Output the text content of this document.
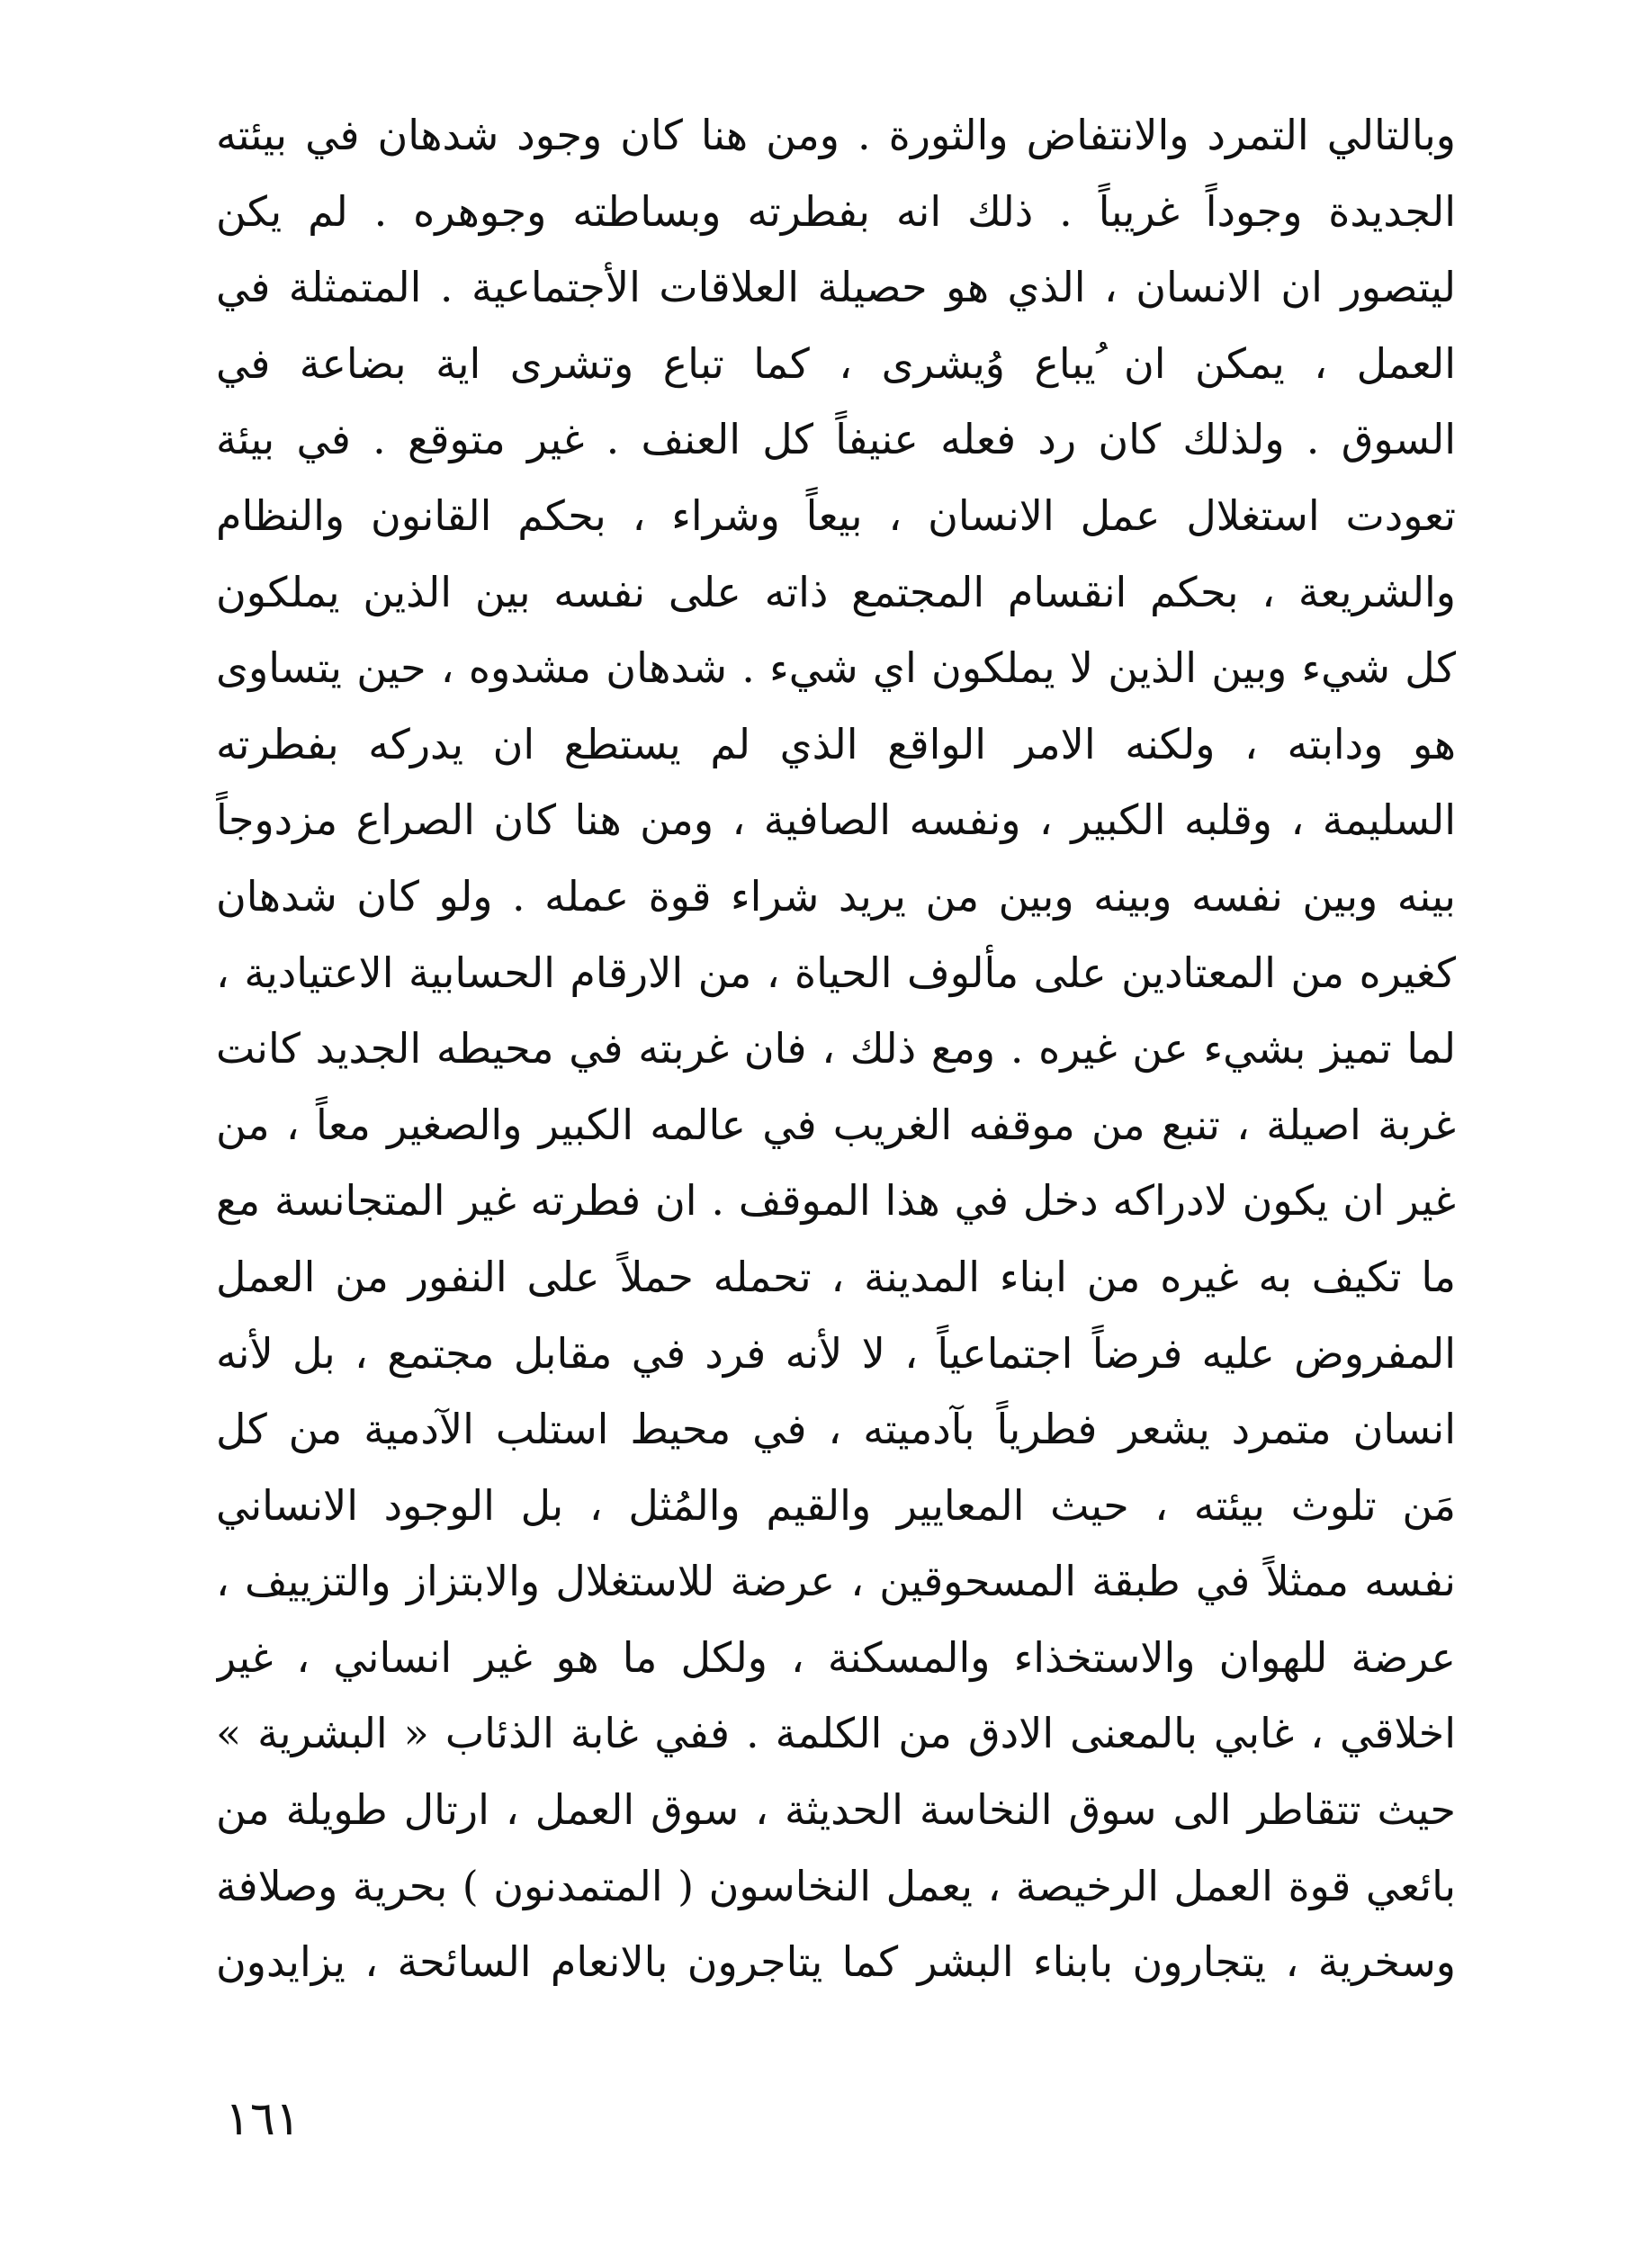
وبالتالي التمرد والانتفاض والثورة . ومن هنا كان وجود شدهان في بيئته
الجديدة وجوداً غريباً . ذلك انه بفطرته وبساطته وجوهره . لم يكن
ليتصور ان الانسان ، الذي هو حصيلة العلاقات الأجتماعية . المتمثلة في
العمل ، يمكن ان ُيباع وُيشرى ، كما تباع وتشرى اية بضاعة في
السوق . ولذلك كان رد فعله عنيفاً كل العنف . غير متوقع . في بيئة
تعودت استغلال عمل الانسان ، بيعاً وشراء ، بحكم القانون والنظام
والشريعة ، بحكم انقسام المجتمع ذاته على نفسه بين الذين يملكون
كل شيء وبين الذين لا يملكون اي شيء . شدهان مشدوه ، حين يتساوى
هو ودابته ، ولكنه الامر الواقع الذي لم يستطع ان يدركه بفطرته
السليمة ، وقلبه الكبير ، ونفسه الصافية ، ومن هنا كان الصراع مزدوجاً
بينه وبين نفسه وبينه وبين من يريد شراء قوة عمله . ولو كان شدهان
كغيره من المعتادين على مألوف الحياة ، من الارقام الحسابية الاعتيادية ،
لما تميز بشيء عن غيره . ومع ذلك ، فان غربته في محيطه الجديد كانت
غربة اصيلة ، تنبع من موقفه الغريب في عالمه الكبير والصغير معاً ، من
غير ان يكون لادراكه دخل في هذا الموقف . ان فطرته غير المتجانسة مع
ما تكيف به غيره من ابناء المدينة ، تحمله حملاً على النفور من العمل
المفروض عليه فرضاً اجتماعياً ، لا لأنه فرد في مقابل مجتمع ، بل لأنه
انسان متمرد يشعر فطرياً بآدميته ، في محيط استلب الآدمية من كل
مَن تلوث بيئته ، حيث المعايير والقيم والمُثل ، بل الوجود الانساني
نفسه ممثلاً في طبقة المسحوقين ، عرضة للاستغلال والابتزاز والتزييف ،
عرضة للهوان والاستخذاء والمسكنة ، ولكل ما هو غير انساني ، غير
اخلاقي ، غابي بالمعنى الادق من الكلمة . ففي غابة الذئاب « البشرية »
حيث تتقاطر الى سوق النخاسة الحديثة ، سوق العمل ، ارتال طويلة من
بائعي قوة العمل الرخيصة ، يعمل النخاسون ( المتمدنون ) بحرية وصلافة
وسخرية ، يتجارون بابناء البشر كما يتاجرون بالانعام السائحة ، يزايدون
١٦١
